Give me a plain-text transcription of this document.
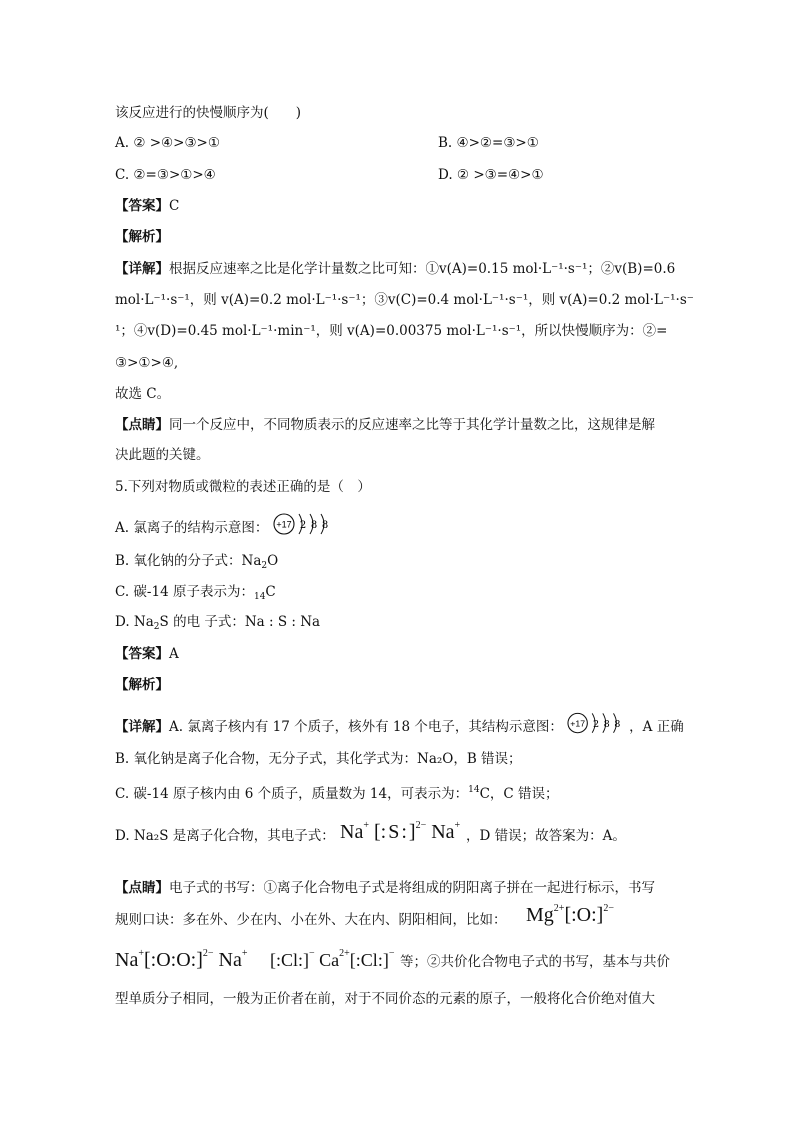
该反应进行的快慢顺序为(　　)
A. ② >④>③>①	B. ④>②=③>①
C. ②=③>①>④	D. ② >③=④>①
【答案】C
【解析】
【详解】根据反应速率之比是化学计量数之比可知：①v(A)=0.15 mol·L⁻¹·s⁻¹；②v(B)=0.6
mol·L⁻¹·s⁻¹，则 v(A)=0.2 mol·L⁻¹·s⁻¹；③v(C)=0.4 mol·L⁻¹·s⁻¹，则 v(A)=0.2 mol·L⁻¹·s⁻
¹；④v(D)=0.45 mol·L⁻¹·min⁻¹，则 v(A)=0.00375 mol·L⁻¹·s⁻¹，所以快慢顺序为：②=
③>①>④,
故选 C。
【点睛】同一个反应中，不同物质表示的反应速率之比等于其化学计量数之比，这规律是解
决此题的关键。
5.下列对物质或微粒的表述正确的是（　）
A. 氯离子的结构示意图： +17 2 8 8
B. 氧化钠的分子式：$Na_2O$
C. 碳-14 原子表示为：$_{14}$C
D. $Na_2S$ 的电 子式：Na : S : Na
【答案】A
【解析】
【详解】A. 氯离子核内有 17 个质子，核外有 18 个电子，其结构示意图： +17 2 8 8 ，A 正确
B. 氧化钠是离子化合物，无分子式，其化学式为：Na₂O，B 错误；
C. 碳-14 原子核内由 6 个质子，质量数为 14，可表示为：$^{14}$C，C 错误；
D. Na₂S 是离子化合物，其电子式： Na+ [:S:]$^{2-}$ Na+
，D 错误；故答案为：A。
【点睛】电子式的书写：①离子化合物电子式是将组成的阴阳离子拼在一起进行标示，书写
规则口诀：多在外、少在内、小在外、大在内、阴阳相间，比如： $Mg^{2+}[:O:]^{2-}$
Na+[:O:O:]$^{2-}$ Na+ [:Cl:]− $Ca^{2+}[:Cl:]^-$
等；②共价化合物电子式的书写，基本与共价
型单质分子相同，一般为正价者在前，对于不同价态的元素的原子，一般将化合价绝对值大
